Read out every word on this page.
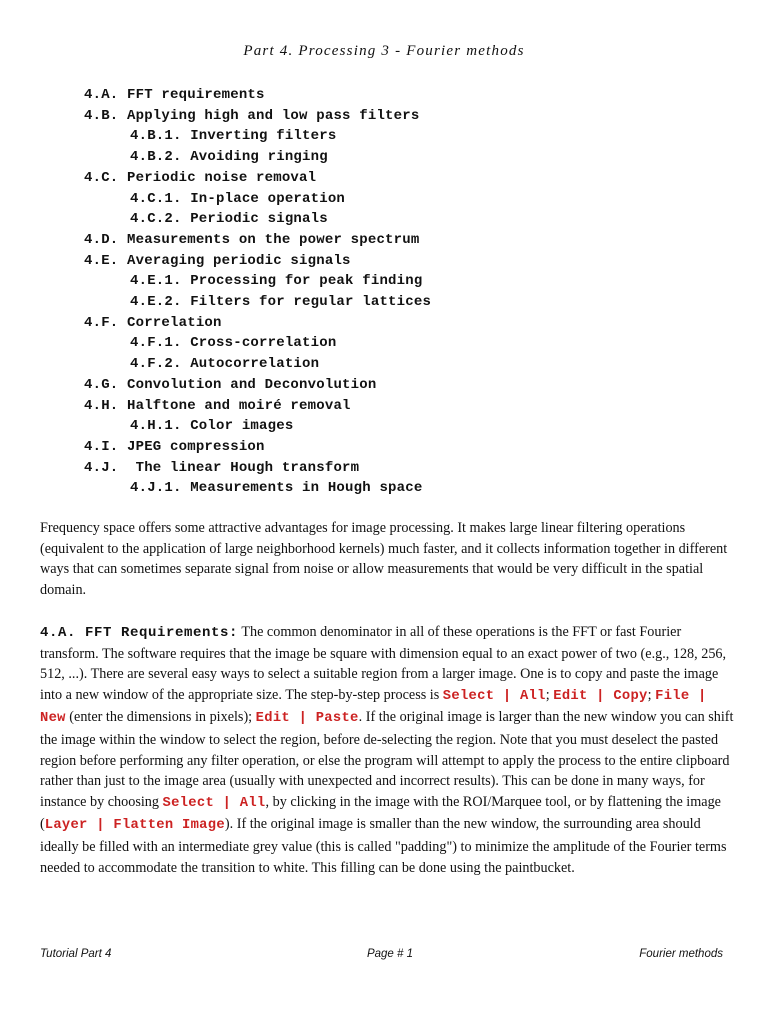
Part 4. Processing 3 - Fourier methods
4.A. FFT requirements
4.B. Applying high and low pass filters
4.B.1. Inverting filters
4.B.2. Avoiding ringing
4.C. Periodic noise removal
4.C.1. In-place operation
4.C.2. Periodic signals
4.D. Measurements on the power spectrum
4.E. Averaging periodic signals
4.E.1. Processing for peak finding
4.E.2. Filters for regular lattices
4.F. Correlation
4.F.1. Cross-correlation
4.F.2. Autocorrelation
4.G. Convolution and Deconvolution
4.H. Halftone and moiré removal
4.H.1. Color images
4.I. JPEG compression
4.J.  The linear Hough transform
4.J.1. Measurements in Hough space

Frequency space offers some attractive advantages for image processing. It makes large linear filtering operations (equivalent to the application of large neighborhood kernels) much faster, and it collects information together in different ways that can sometimes separate signal from noise or allow measurements that would be very difficult in the spatial domain.

4.A. FFT Requirements: The common denominator in all of these operations is the FFT or fast Fourier transform. The software requires that the image be square with dimension equal to an exact power of two (e.g., 128, 256, 512, ...). There are several easy ways to select a suitable region from a larger image. One is to copy and paste the image into a new window of the appropriate size. The step-by-step process is Select | All; Edit | Copy; File | New (enter the dimensions in pixels); Edit | Paste. If the original image is larger than the new window you can shift the image within the window to select the region, before de-selecting the region. Note that you must deselect the pasted region before performing any filter operation, or else the program will attempt to apply the process to the entire clipboard rather than just to the image area (usually with unexpected and incorrect results). This can be done in many ways, for instance by choosing Select | All, by clicking in the image with the ROI/Marquee tool, or by flattening the image (Layer | Flatten Image). If the original image is smaller than the new window, the surrounding area should ideally be filled with an intermediate grey value (this is called "padding") to minimize the amplitude of the Fourier terms needed to accommodate the transition to white. This filling can be done using the paintbucket.

Tutorial Part 4	Page # 1	Fourier methods
